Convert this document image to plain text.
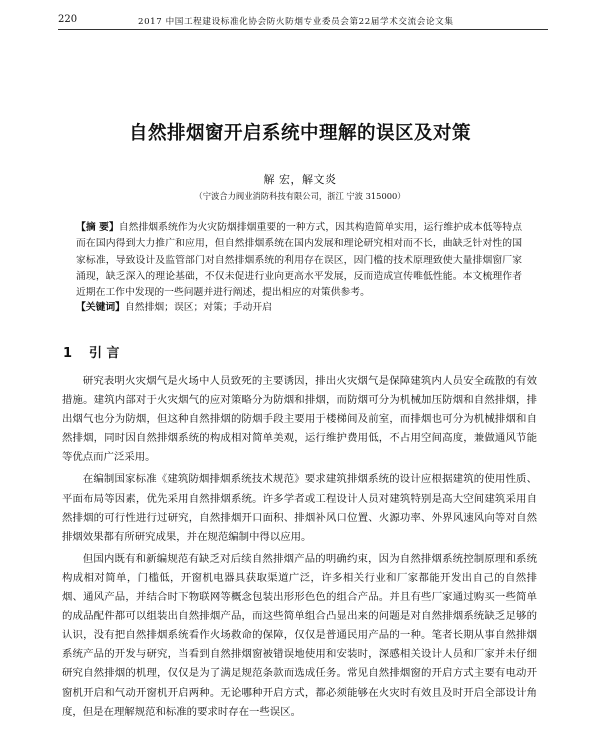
220	2017 中国工程建设标准化协会防火防烟专业委员会第22届学术交流会论文集
自然排烟窗开启系统中理解的误区及对策
解 宏，解文炎
（宁波合力阀业消防科技有限公司，浙江 宁波 315000）
【摘 要】自然排烟系统作为火灾防烟排烟重要的一种方式，因其构造简单实用，运行维护成本低等特点而在国内得到大力推广和应用，但自然排烟系统在国内发展和理论研究相对而不长，曲缺乏针对性的国家标准，导致设计及监管部门对自然排烟系统的利用存在误区，因门槛的技术原理致使大量排烟窗厂家涌现，缺乏深入的理论基础，不仅未促进行业向更高水平发展，反而造成宣传唯低性能。本文梳理作者近期在工作中发现的一些问题并进行阐述，提出相应的对策供参考。
【关键词】自然排烟；误区；对策；手动开启
1 引 言

研究表明火灾烟气是火场中人员致死的主要诱因，排出火灾烟气是保障建筑内人员安全疏散的有效措施。建筑内部对于火灾烟气的应对策略分为防烟和排烟，而防烟可分为机械加压防烟和自然排烟，排出烟气也分为防烟，但这种自然排烟的防烟手段主要用于楼梯间及前室，而排烟也可分为机械排烟和自然排烟，同时因自然排烟系统的构成相对简单美观，运行维护费用低，不占用空间高度，兼做通风节能等优点而广泛采用。

在编制国家标准《建筑防烟排烟系统技术规范》要求建筑排烟系统的设计应根据建筑的使用性质、平面布局等因素，优先采用自然排烟系统。许多学者或工程设计人员对建筑特别是高大空间建筑采用自然排烟的可行性进行过研究，自然排烟开口面积、排烟补风口位置、火源功率、外界风速风向等对自然排烟效果都有所研究成果，并在规范编制中得以应用。

但国内既有和新编规范有缺乏对后续自然排烟产品的明确约束，因为自然排烟系统控制原理和系统构成相对简单，门槛低，开窗机电器具获取渠道广泛，许多相关行业和厂家都能开发出自己的自然排烟、通风产品，并结合时下物联网等概念包装出形形色色的组合产品。并且有些厂家通过购买一些简单的成品配件都可以组装出自然排烟产品，而这些简单组合凸显出来的问题是对自然排烟系统缺乏足够的认识，没有把自然排烟系统看作火场救命的保障，仅仅是普通民用产品的一种。笔者长期从事自然排烟系统产品的开发与研究，当看到自然排烟窗被错误地使用和安装时，深感相关设计人员和厂家并未仔细研究自然排烟的机理，仅仅是为了满足规范条款而选成任务。常见自然排烟窗的开启方式主要有电动开窗机开启和气动开窗机开启两种。无论哪种开启方式，都必须能够在火灾时有效且及时开启全部设计角度，但是在理解规范和标准的要求时存在一些误区。
